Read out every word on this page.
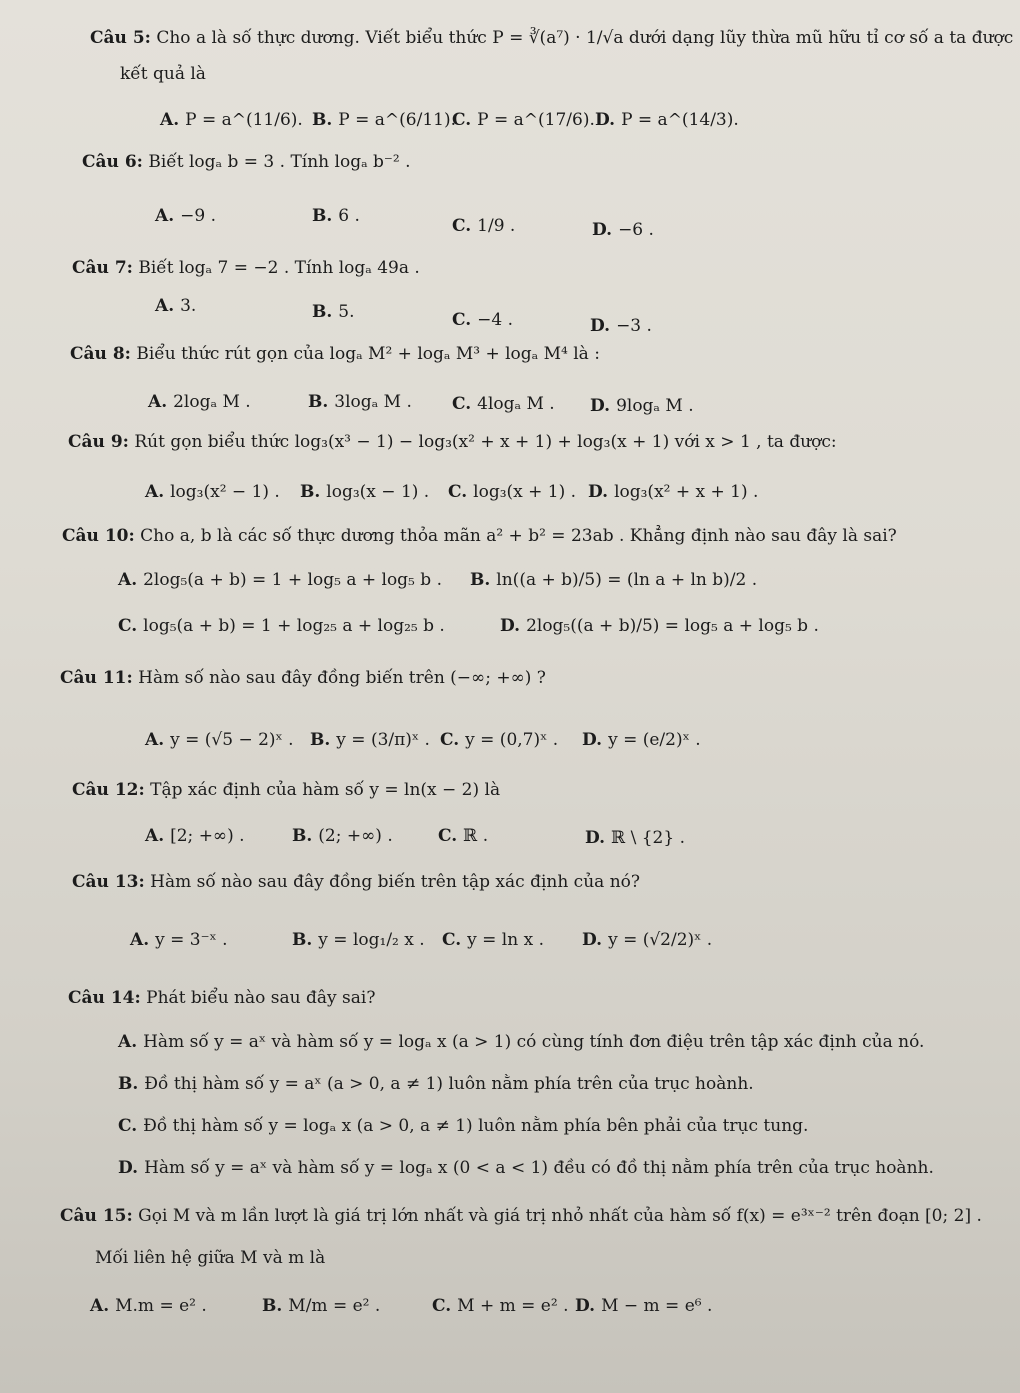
Câu 5: Cho a là số thực dương. Viết biểu thức P = ∛(a⁷) · 1/√a dưới dạng lũy thừa mũ hữu tỉ cơ số a ta được
kết quả là
A. P = a^(11/6). B. P = a^(6/11).
C. P = a^(17/6). D. P = a^(14/3).
Câu 6: Biết logₐ b = 3 . Tính logₐ b⁻² .
A. −9 .	B. 6 .	C. 1/9 .	D. −6 .
Câu 7: Biết logₐ 7 = −2 . Tính logₐ 49a .
A. 3.	B. 5.	C. −4 .	D. −3 .
Câu 8: Biểu thức rút gọn của logₐ M² + logₐ M³ + logₐ M⁴ là :
A. 2logₐ M .	B. 3logₐ M . C. 4logₐ M . D. 9logₐ M .
Câu 9: Rút gọn biểu thức log₃(x³ − 1) − log₃(x² + x + 1) + log₃(x + 1) với x > 1 , ta được:
A. log₃(x² − 1) . B. log₃(x − 1) . C. log₃(x + 1) . D. log₃(x² + x + 1) .
Câu 10: Cho a, b là các số thực dương thỏa mãn a² + b² = 23ab . Khẳng định nào sau đây là sai?
A. 2log₅(a + b) = 1 + log₅ a + log₅ b . B. ln((a + b)/5) = (ln a + ln b)/2 .
C. log₅(a + b) = 1 + log₂₅ a + log₂₅ b .	D. 2log₅((a + b)/5) = log₅ a + log₅ b .
Câu 11: Hàm số nào sau đây đồng biến trên (−∞; +∞) ?
A. y = (√5 − 2)ˣ . B. y = (3/π)ˣ . C. y = (0,7)ˣ . D. y = (e/2)ˣ .
Câu 12: Tập xác định của hàm số y = ln(x − 2) là
A. [2; +∞) .	B. (2; +∞) .	C. ℝ .	D. ℝ \ {2} .
Câu 13: Hàm số nào sau đây đồng biến trên tập xác định của nó?
A. y = 3⁻ˣ .	B. y = log₁/₂ x . C. y = ln x . D. y = (√2/2)ˣ .
Câu 14: Phát biểu nào sau đây sai?
A. Hàm số y = aˣ và hàm số y = logₐ x (a > 1) có cùng tính đơn điệu trên tập xác định của nó.
B. Đồ thị hàm số y = aˣ (a > 0, a ≠ 1) luôn nằm phía trên của trục hoành.
C. Đồ thị hàm số y = logₐ x (a > 0, a ≠ 1) luôn nằm phía bên phải của trục tung.
D. Hàm số y = aˣ và hàm số y = logₐ x (0 < a < 1) đều có đồ thị nằm phía trên của trục hoành.
Câu 15: Gọi M và m lần lượt là giá trị lớn nhất và giá trị nhỏ nhất của hàm số f(x) = e³ˣ⁻² trên đoạn [0; 2] .
Mối liên hệ giữa M và m là
A. M.m = e² .	B. M/m = e² .	C. M + m = e² . D. M − m = e⁶ .
